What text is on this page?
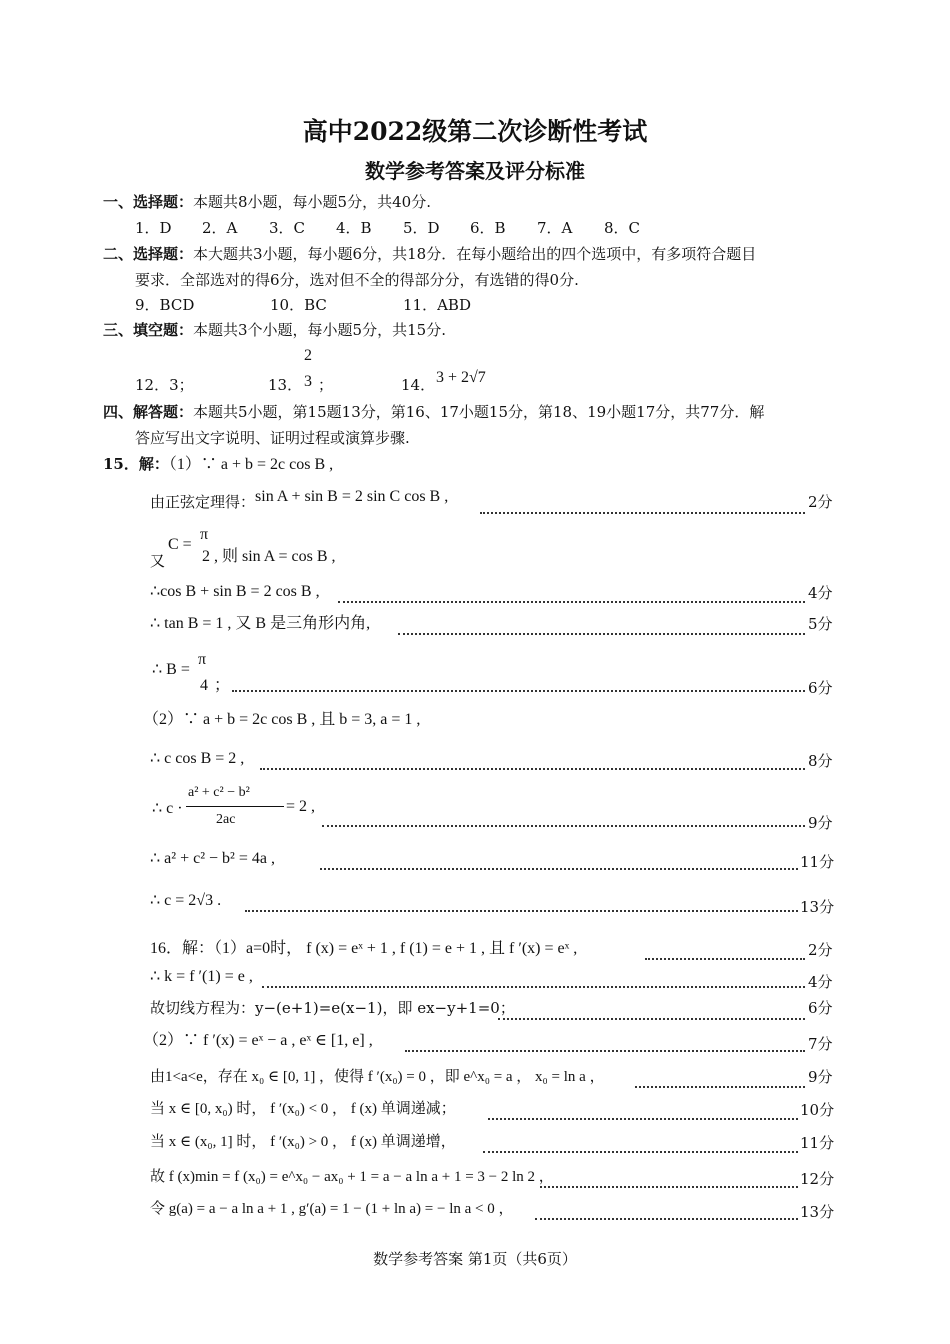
高中2022级第二次诊断性考试
数学参考答案及评分标准
一、选择题：本题共8小题，每小题5分，共40分.
1．D 2．A 3．C 4．B 5．D 6．B 7．A 8．C
二、选择题：本大题共3小题，每小题6分，共18分．在每小题给出的四个选项中，有多项符合题目
要求．全部选对的得6分，选对但不全的得部分分，有选错的得0分.
9．BCD	10．BC	11．ABD
三、填空题：本题共3个小题，每小题5分，共15分.
12．3；	13．
2
3 ；	14． 3 + 2√7
四、解答题：本题共5小题，第15题13分，第16、17小题15分，第18、19小题17分，共77分．解
答应写出文字说明、证明过程或演算步骤.
15．解：（1）∵ a + b = 2c cos B ,
由正弦定理得：sin A + sin B = 2 sin C cos B ,	2分
又
C =
π
2 , 则 sin A = cos B ,
∴cos B + sin B = 2 cos B ,	4分
∴ tan B = 1 , 又 B 是三角形内角,	5分
∴ B =
π
4 ；	6分
（2）∵ a + b = 2c cos B , 且 b = 3, a = 1 ,
∴ c cos B = 2 ,	8分
∴ c ·
a² + c² − b²
2ac
= 2 ,
9分
∴ a² + c² − b² = 4a ,	11分
∴ c = 2√3 .	13分
16．解：（1）a=0时， f (x) = eˣ + 1 , f (1) = e + 1 , 且 f ′(x) = eˣ ,	2分
∴ k = f ′(1) = e ,	4分
故切线方程为：y−(e+1)=e(x−1)，即 ex−y+1=0；	6分
（2）∵ f ′(x) = eˣ − a , eˣ ∈ [1, e] ,	7分
由1<a<e，存在 x₀ ∈ [0, 1] ，使得 f ′(x₀) = 0 ，即 e^x₀ = a ， x₀ = ln a ，	9分
当 x ∈ [0, x₀) 时， f ′(x₀) < 0 ， f (x) 单调递减；	10分
当 x ∈ (x₀, 1] 时， f ′(x₀) > 0 ， f (x) 单调递增，	11分
故 f (x)min = f (x₀) = e^x₀ − ax₀ + 1 = a − a ln a + 1 = 3 − 2 ln 2 ，	12分
令 g(a) = a − a ln a + 1 , g′(a) = 1 − (1 + ln a) = − ln a < 0 ，	13分
数学参考答案 第1页（共6页）
